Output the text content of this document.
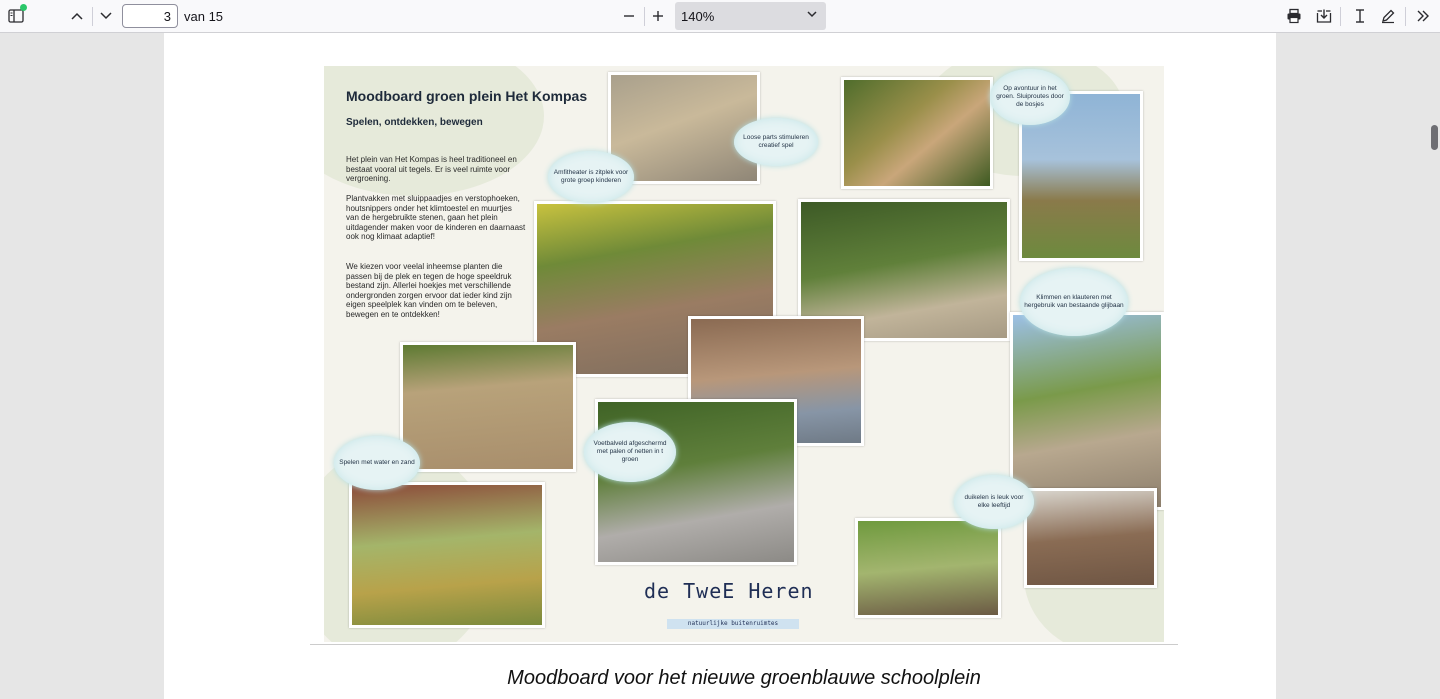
3
van 15	140%
Moodboard groen plein Het Kompas
Spelen, ontdekken, bewegen
Het plein van Het Kompas is heel traditioneel en bestaat vooral uit tegels. Er is veel ruimte voor vergroening.
Plantvakken met sluippaadjes en verstophoeken, houtsnippers onder het klimtoestel en muurtjes van de hergebruikte stenen, gaan het plein uitdagender maken voor de kinderen en daarnaast ook nog klimaat adaptief!
We kiezen voor veelal inheemse planten die passen bij de plek en tegen de hoge speeldruk bestand zijn. Allerlei hoekjes met verschillende ondergronden zorgen ervoor dat ieder kind zijn eigen speelplek kan vinden om te beleven, bewegen en te ontdekken!
Amfitheater is zitplek voor grote groep kinderen
Loose parts stimuleren creatief spel
Op avontuur in het groen. Sluiproutes door de bosjes
Klimmen en klauteren met hergebruik van bestaande glijbaan
Voetbalveld afgeschermd met palen of netten in t groen
Spelen met water en zand
duikelen is leuk voor elke leeftijd
de TweE Heren
natuurlijke buitenruimtes
Moodboard voor het nieuwe groenblauwe schoolplein
